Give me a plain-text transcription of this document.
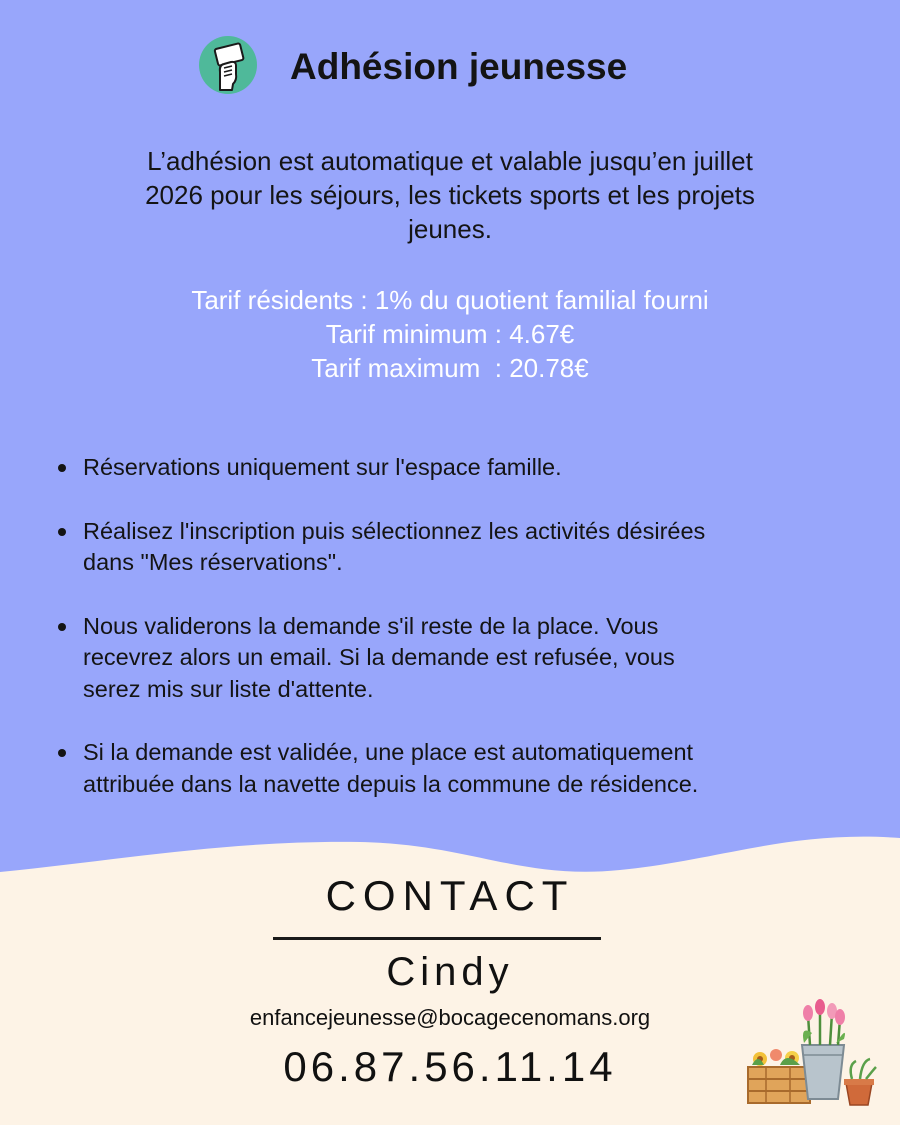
Adhésion jeunesse
L’adhésion est automatique et valable jusqu’en juillet
2026 pour les séjours, les tickets sports et les projets
jeunes.
Tarif résidents : 1% du quotient familial fourni
Tarif minimum : 4.67€
Tarif maximum  : 20.78€
Réservations uniquement sur l'espace famille.
Réalisez l'inscription puis sélectionnez les activités désirées
dans "Mes réservations".
Nous validerons la demande s'il reste de la place. Vous
recevrez alors un email. Si la demande est refusée, vous
serez mis sur liste d'attente.
Si la demande est validée, une place est automatiquement
attribuée dans la navette depuis la commune de résidence.
CONTACT
Cindy
enfancejeunesse@bocagecenomans.org
06.87.56.11.14
